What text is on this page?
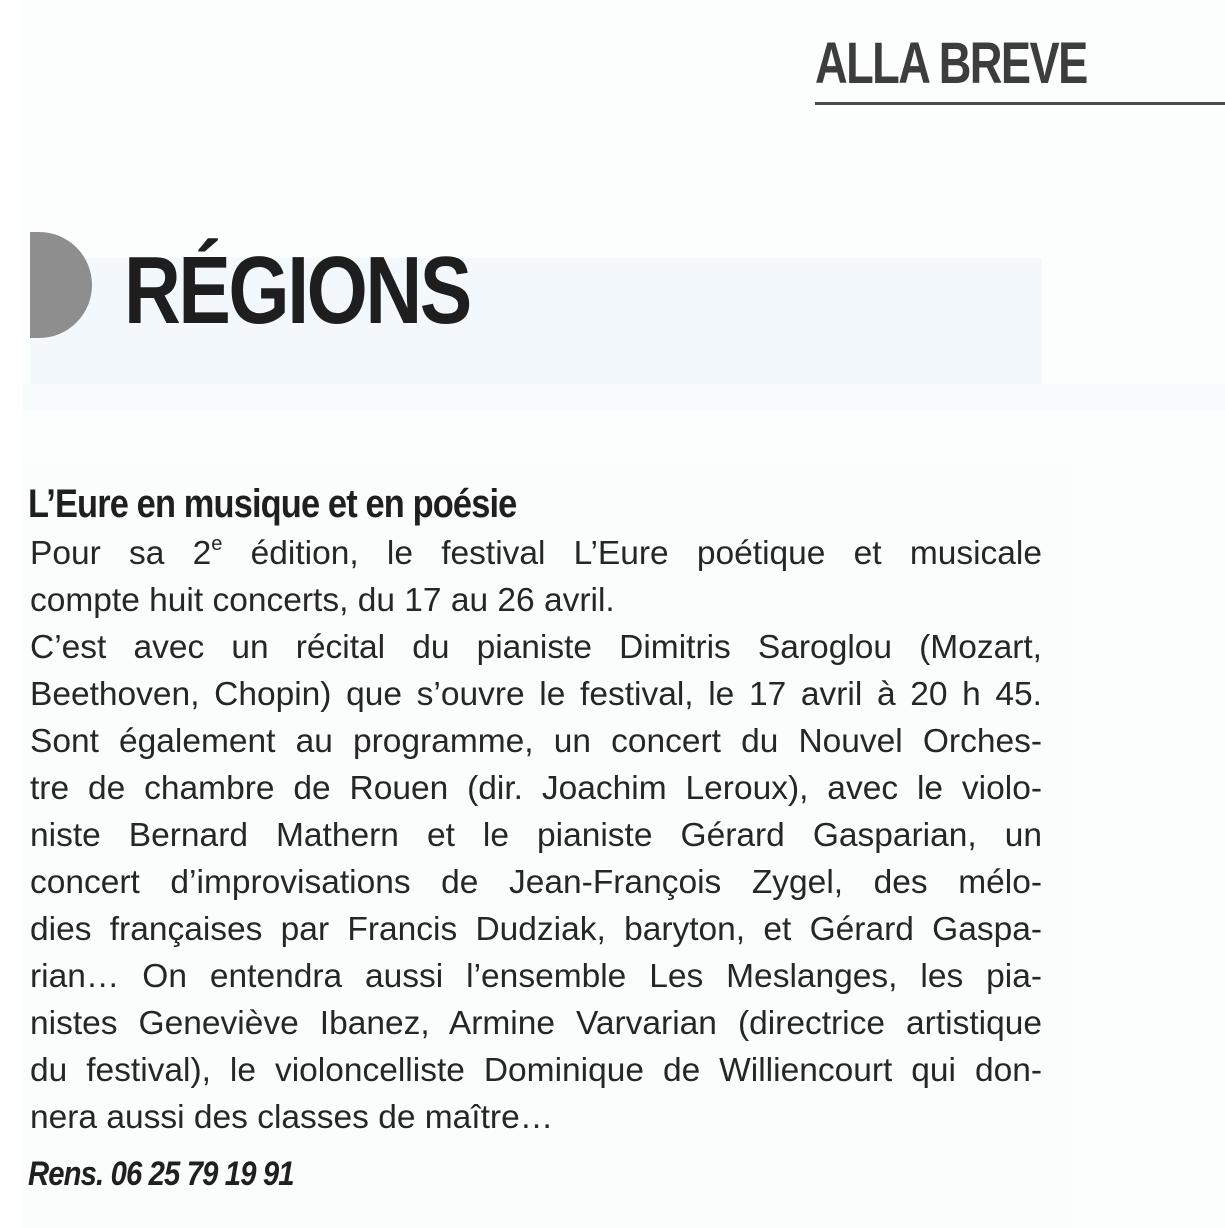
ALLA BREVE
RÉGIONS
L’Eure en musique et en poésie
Pour sa 2e édition, le festival L’Eure poétique et musicale
compte huit concerts, du 17 au 26 avril.
C’est avec un récital du pianiste Dimitris Saroglou (Mozart,
Beethoven, Chopin) que s’ouvre le festival, le 17 avril à 20 h 45.
Sont également au programme, un concert du Nouvel Orches-
tre de chambre de Rouen (dir. Joachim Leroux), avec le violo-
niste Bernard Mathern et le pianiste Gérard Gasparian, un
concert d’improvisations de Jean-François Zygel, des mélo-
dies françaises par Francis Dudziak, baryton, et Gérard Gaspa-
rian… On entendra aussi l’ensemble Les Meslanges, les pia-
nistes Geneviève Ibanez, Armine Varvarian (directrice artistique
du festival), le violoncelliste Dominique de Williencourt qui don-
nera aussi des classes de maître…
Rens. 06 25 79 19 91
